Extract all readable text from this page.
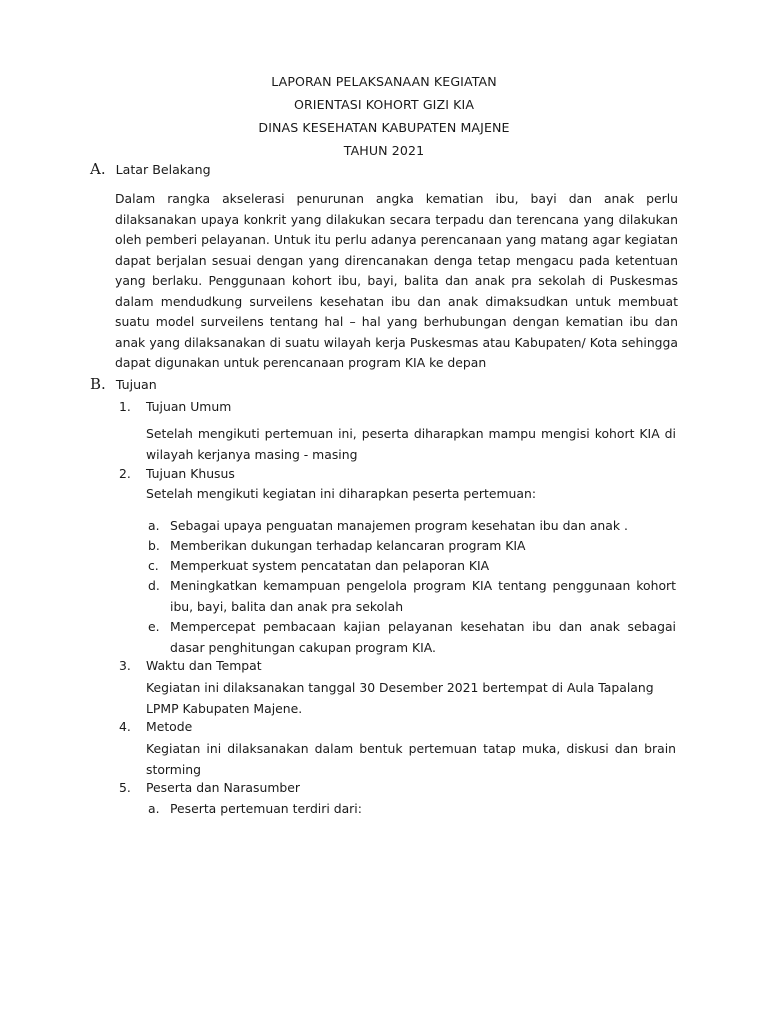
LAPORAN PELAKSANAAN KEGIATAN
ORIENTASI KOHORT GIZI KIA
DINAS KESEHATAN KABUPATEN MAJENE
TAHUN 2021
A. Latar Belakang
Dalam rangka akselerasi penurunan angka kematian ibu, bayi dan anak perlu dilaksanakan upaya konkrit yang dilakukan secara terpadu dan terencana yang dilakukan oleh pemberi pelayanan. Untuk itu perlu adanya perencanaan yang matang agar kegiatan dapat berjalan sesuai dengan yang direncanakan denga tetap mengacu pada ketentuan yang berlaku. Penggunaan kohort ibu, bayi, balita dan anak pra sekolah di Puskesmas dalam mendudkung surveilens kesehatan ibu dan anak dimaksudkan untuk membuat suatu model surveilens tentang hal – hal yang berhubungan dengan kematian ibu dan anak yang dilaksanakan di suatu wilayah kerja Puskesmas atau Kabupaten/ Kota sehingga dapat digunakan untuk perencanaan program KIA ke depan
B. Tujuan
1. Tujuan Umum
Setelah mengikuti pertemuan ini, peserta diharapkan mampu mengisi kohort KIA di wilayah kerjanya masing - masing
2. Tujuan Khusus
Setelah mengikuti kegiatan ini diharapkan peserta pertemuan:
a. Sebagai upaya penguatan manajemen program kesehatan ibu dan anak .
b. Memberikan dukungan terhadap kelancaran program KIA
c. Memperkuat system pencatatan dan pelaporan KIA
d. Meningkatkan kemampuan pengelola program KIA tentang penggunaan kohort ibu, bayi, balita dan anak pra sekolah
e. Mempercepat pembacaan kajian pelayanan kesehatan ibu dan anak sebagai dasar penghitungan cakupan program KIA.
3. Waktu dan Tempat
Kegiatan ini dilaksanakan tanggal 30 Desember 2021 bertempat di Aula Tapalang LPMP Kabupaten Majene.
4. Metode
Kegiatan ini dilaksanakan dalam bentuk pertemuan tatap muka, diskusi dan brain storming
5. Peserta dan Narasumber
a. Peserta pertemuan terdiri dari:
